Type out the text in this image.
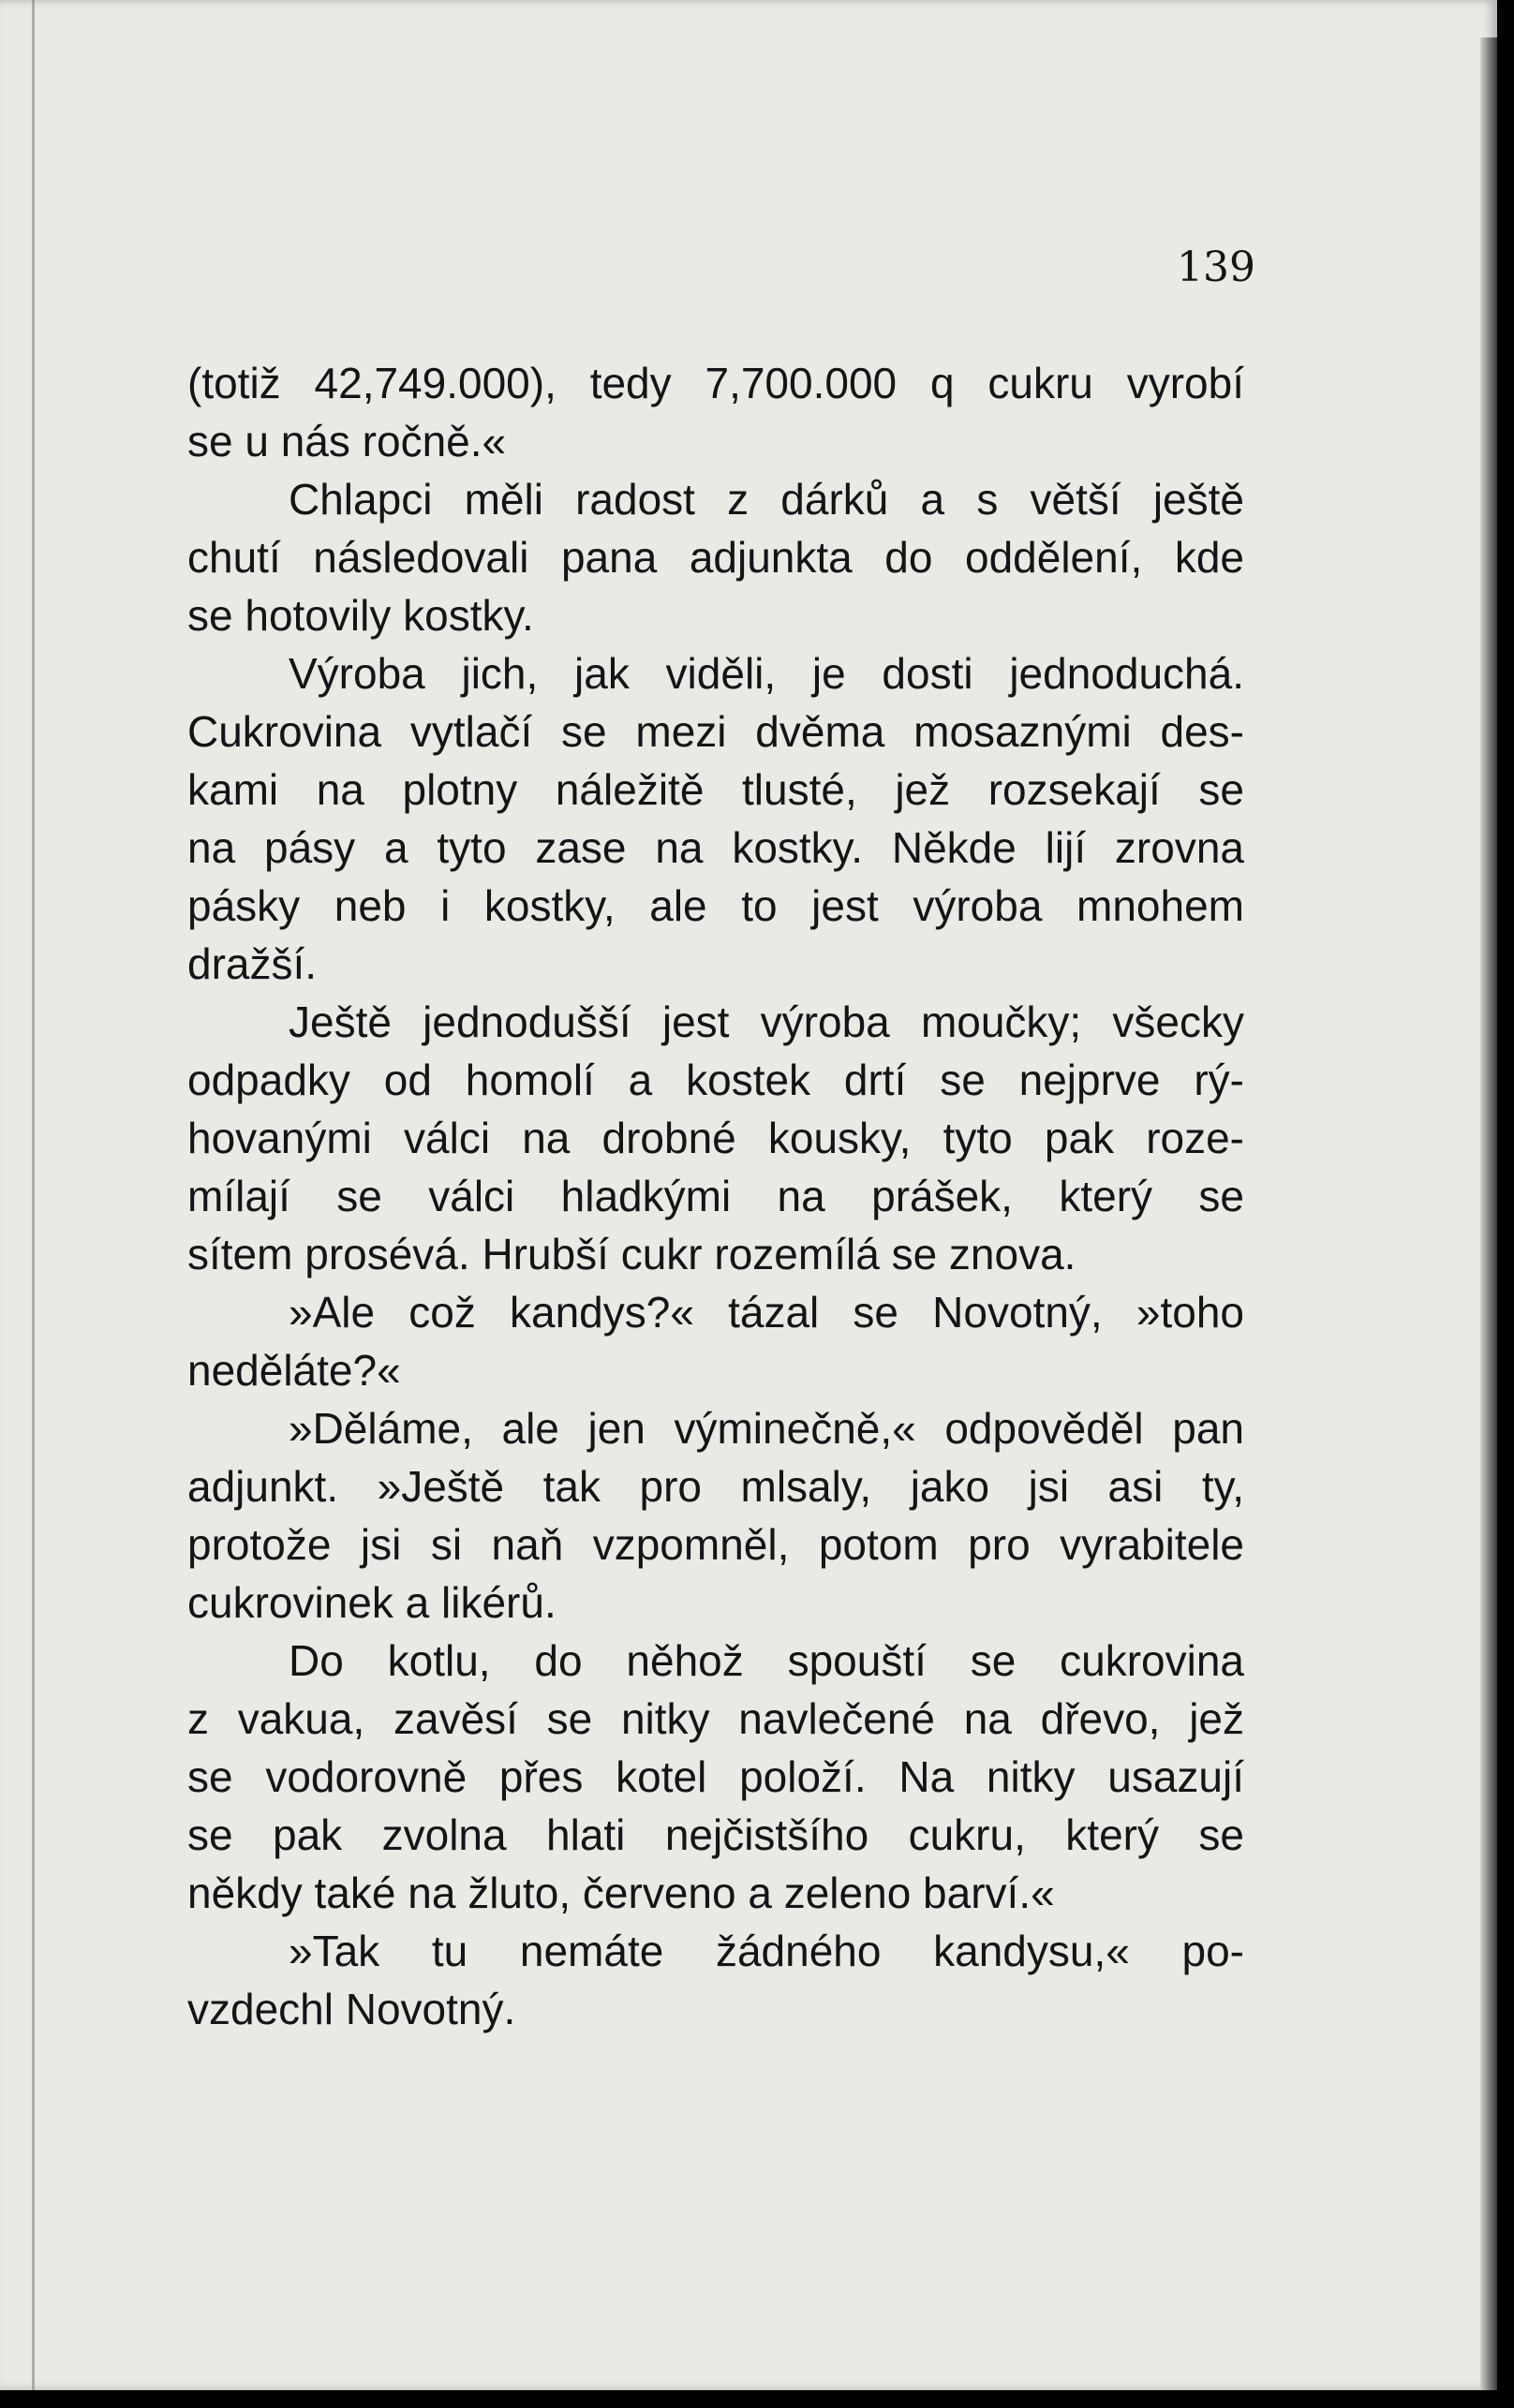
139
(totiž 42,749.000), tedy 7,700.000 q cukru vyrobí
se u nás ročně.«
Chlapci měli radost z dárků a s větší ještě
chutí následovali pana adjunkta do oddělení, kde
se hotovily kostky.
Výroba jich, jak viděli, je dosti jednoduchá.
Cukrovina vytlačí se mezi dvěma mosaznými des-
kami na plotny náležitě tlusté, jež rozsekají se
na pásy a tyto zase na kostky. Někde lijí zrovna
pásky neb i kostky, ale to jest výroba mnohem
dražší.
Ještě jednodušší jest výroba moučky; všecky
odpadky od homolí a kostek drtí se nejprve rý-
hovanými válci na drobné kousky, tyto pak roze-
mílají se válci hladkými na prášek, který se
sítem prosévá. Hrubší cukr rozemílá se znova.
»Ale což kandys?« tázal se Novotný, »toho
neděláte?«
»Děláme, ale jen výminečně,« odpověděl pan
adjunkt. »Ještě tak pro mlsaly, jako jsi asi ty,
protože jsi si naň vzpomněl, potom pro vyrabitele
cukrovinek a likérů.
Do kotlu, do něhož spouští se cukrovina
z vakua, zavěsí se nitky navlečené na dřevo, jež
se vodorovně přes kotel položí. Na nitky usazují
se pak zvolna hlati nejčistšího cukru, který se
někdy také na žluto, červeno a zeleno barví.«
»Tak tu nemáte žádného kandysu,« po-
vzdechl Novotný.
